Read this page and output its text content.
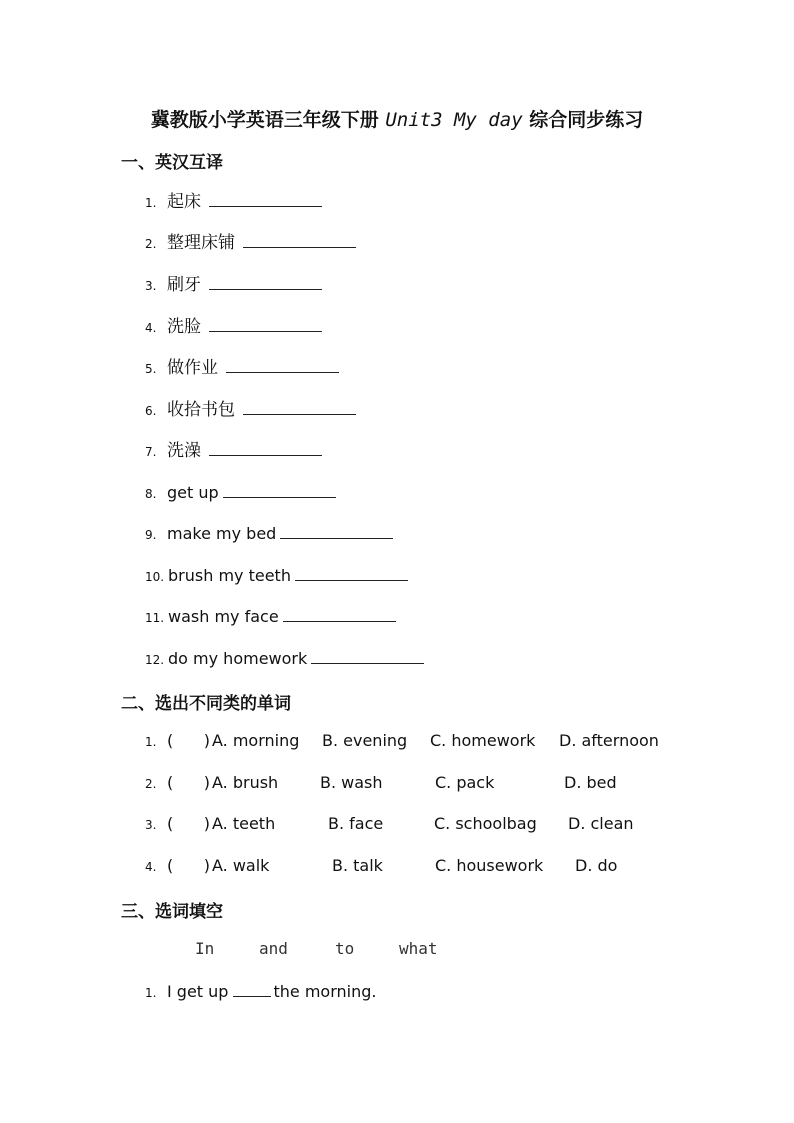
冀教版小学英语三年级下册 Unit3 My day 综合同步练习
一、英汉互译
1. 起床
2. 整理床铺
3. 刷牙
4. 洗脸
5. 做作业
6. 收拾书包
7. 洗澡
8. get up
9. make my bed
10. brush my teeth
11. wash my face
12. do my homework
二、选出不同类的单词
1. (      ) A. morning B. evening C. homework D. afternoon
2. (      ) A. brush	B. wash	C. pack	D. bed
3. (      ) A. teeth	B. face	C. schoolbag D. clean
4. (      ) A. walk	B. talk	C. housework D. do
三、选词填空
In	and	to	what
1. I get up	the morning.
